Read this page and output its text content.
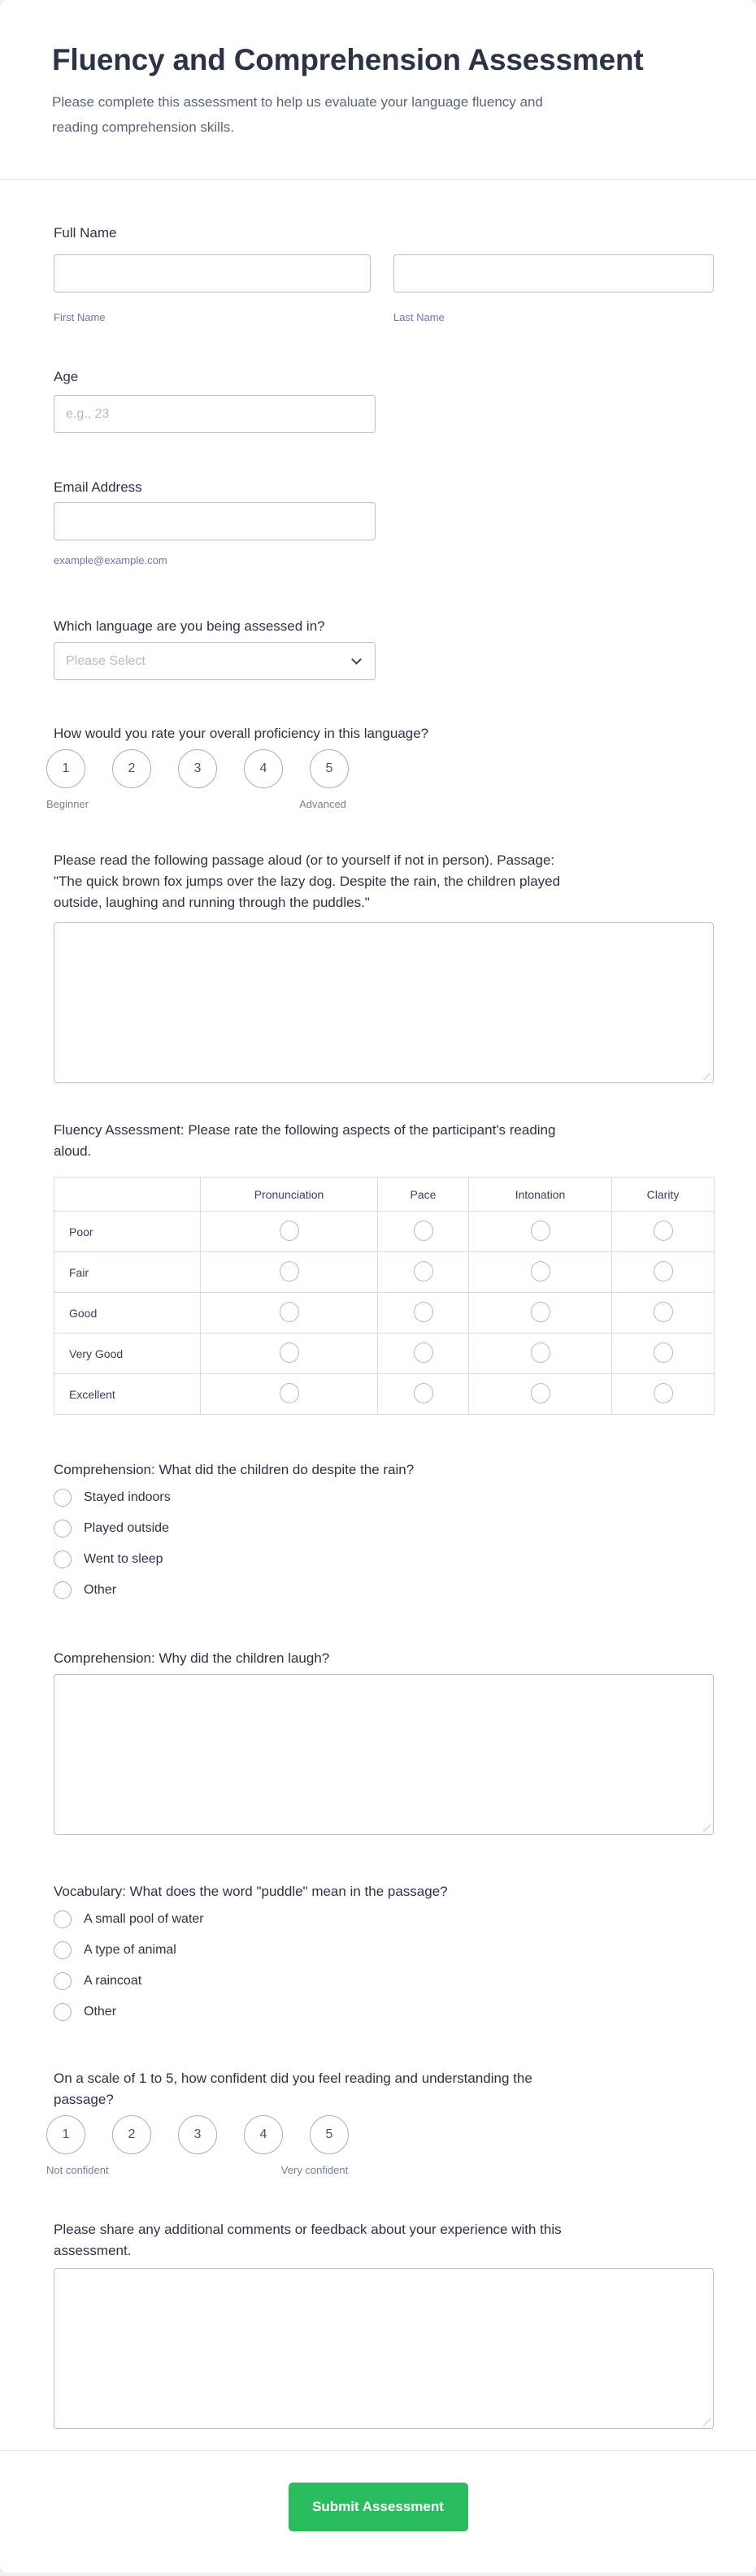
Fluency and Comprehension Assessment
Please complete this assessment to help us evaluate your language fluency and
reading comprehension skills.
Full Name
First Name	Last Name
Age
e.g., 23
Email Address
example@example.com
Which language are you being assessed in?
Please Select
How would you rate your overall proficiency in this language?
1	2	3	4	5
Beginner	Advanced
Please read the following passage aloud (or to yourself if not in person). Passage:
"The quick brown fox jumps over the lazy dog. Despite the rain, the children played
outside, laughing and running through the puddles."
Fluency Assessment: Please rate the following aspects of the participant's reading
aloud.
	Pronunciation	Pace	Intonation	Clarity
Poor				
Fair				
Good				
Very Good				
Excellent				
Comprehension: What did the children do despite the rain?
Stayed indoors
Played outside
Went to sleep
Other
Comprehension: Why did the children laugh?
Vocabulary: What does the word "puddle" mean in the passage?
A small pool of water
A type of animal
A raincoat
Other
On a scale of 1 to 5, how confident did you feel reading and understanding the
passage?
1	2	3	4	5
Not confident	Very confident
Please share any additional comments or feedback about your experience with this
assessment.
Submit Assessment
